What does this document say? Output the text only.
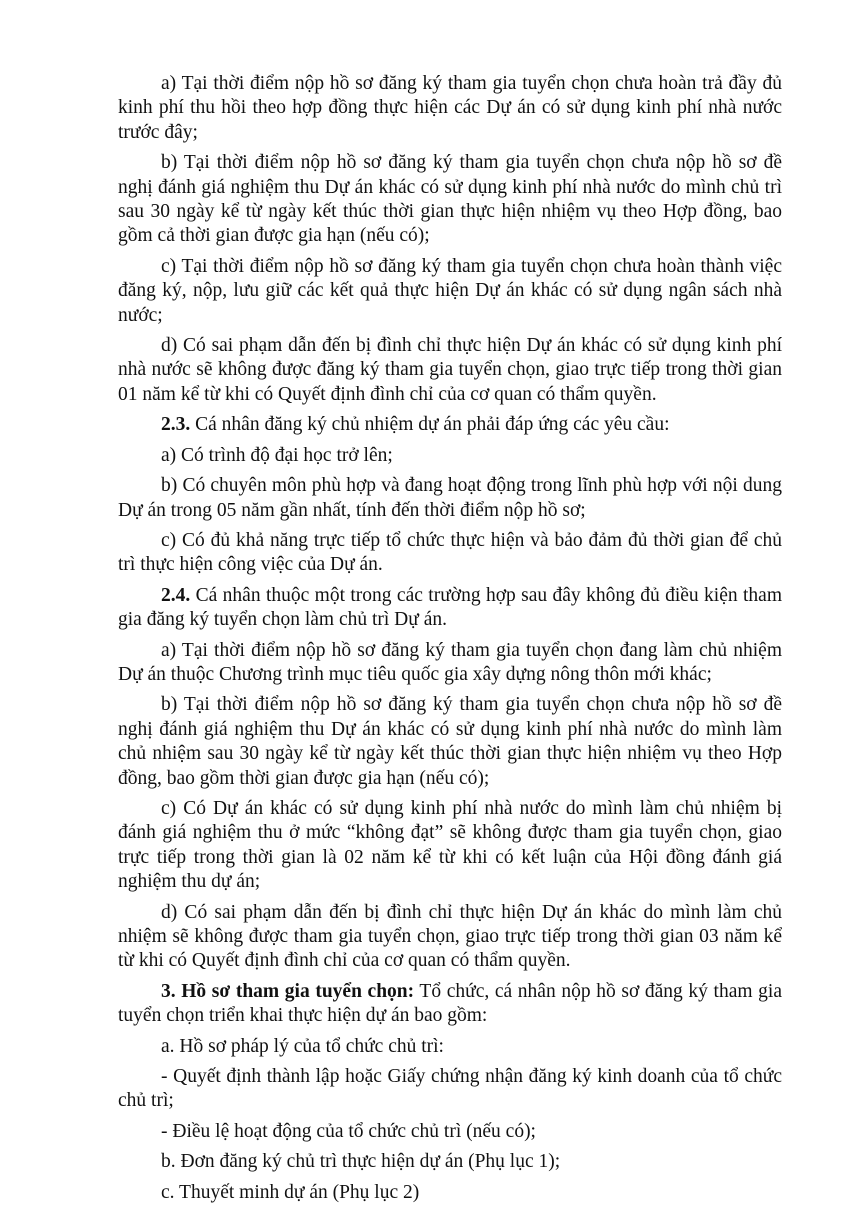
a) Tại thời điểm nộp hồ sơ đăng ký tham gia tuyển chọn chưa hoàn trả đầy đủ kinh phí thu hồi theo hợp đồng thực hiện các Dự án có sử dụng kinh phí nhà nước trước đây;

b) Tại thời điểm nộp hồ sơ đăng ký tham gia tuyển chọn chưa nộp hồ sơ đề nghị đánh giá nghiệm thu Dự án khác có sử dụng kinh phí nhà nước do mình chủ trì sau 30 ngày kể từ ngày kết thúc thời gian thực hiện nhiệm vụ theo Hợp đồng, bao gồm cả thời gian được gia hạn (nếu có);

c) Tại thời điểm nộp hồ sơ đăng ký tham gia tuyển chọn chưa hoàn thành việc đăng ký, nộp, lưu giữ các kết quả thực hiện Dự án khác có sử dụng ngân sách nhà nước;

d) Có sai phạm dẫn đến bị đình chỉ thực hiện Dự án khác có sử dụng kinh phí nhà nước sẽ không được đăng ký tham gia tuyển chọn, giao trực tiếp trong thời gian 01 năm kể từ khi có Quyết định đình chỉ của cơ quan có thẩm quyền.

2.3. Cá nhân đăng ký chủ nhiệm dự án phải đáp ứng các yêu cầu:

a) Có trình độ đại học trở lên;

b) Có chuyên môn phù hợp và đang hoạt động trong lĩnh phù hợp với nội dung Dự án trong 05 năm gần nhất, tính đến thời điểm nộp hồ sơ;

c) Có đủ khả năng trực tiếp tổ chức thực hiện và bảo đảm đủ thời gian để chủ trì thực hiện công việc của Dự án.

2.4. Cá nhân thuộc một trong các trường hợp sau đây không đủ điều kiện tham gia đăng ký tuyển chọn làm chủ trì Dự án.

a) Tại thời điểm nộp hồ sơ đăng ký tham gia tuyển chọn đang làm chủ nhiệm Dự án thuộc Chương trình mục tiêu quốc gia xây dựng nông thôn mới khác;

b) Tại thời điểm nộp hồ sơ đăng ký tham gia tuyển chọn chưa nộp hồ sơ đề nghị đánh giá nghiệm thu Dự án khác có sử dụng kinh phí nhà nước do mình làm chủ nhiệm sau 30 ngày kể từ ngày kết thúc thời gian thực hiện nhiệm vụ theo Hợp đồng, bao gồm thời gian được gia hạn (nếu có);

c) Có Dự án khác có sử dụng kinh phí nhà nước do mình làm chủ nhiệm bị đánh giá nghiệm thu ở mức “không đạt” sẽ không được tham gia tuyển chọn, giao trực tiếp trong thời gian là 02 năm kể từ khi có kết luận của Hội đồng đánh giá nghiệm thu dự án;

d) Có sai phạm dẫn đến bị đình chỉ thực hiện Dự án khác do mình làm chủ nhiệm sẽ không được tham gia tuyển chọn, giao trực tiếp trong thời gian 03 năm kể từ khi có Quyết định đình chỉ của cơ quan có thẩm quyền.

3. Hồ sơ tham gia tuyển chọn: Tổ chức, cá nhân nộp hồ sơ đăng ký tham gia tuyển chọn triển khai thực hiện dự án bao gồm:

a. Hồ sơ pháp lý của tổ chức chủ trì:

- Quyết định thành lập hoặc Giấy chứng nhận đăng ký kinh doanh của tổ chức chủ trì;

- Điều lệ hoạt động của tổ chức chủ trì (nếu có);

b. Đơn đăng ký chủ trì thực hiện dự án (Phụ lục 1);

c. Thuyết minh dự án (Phụ lục 2)
